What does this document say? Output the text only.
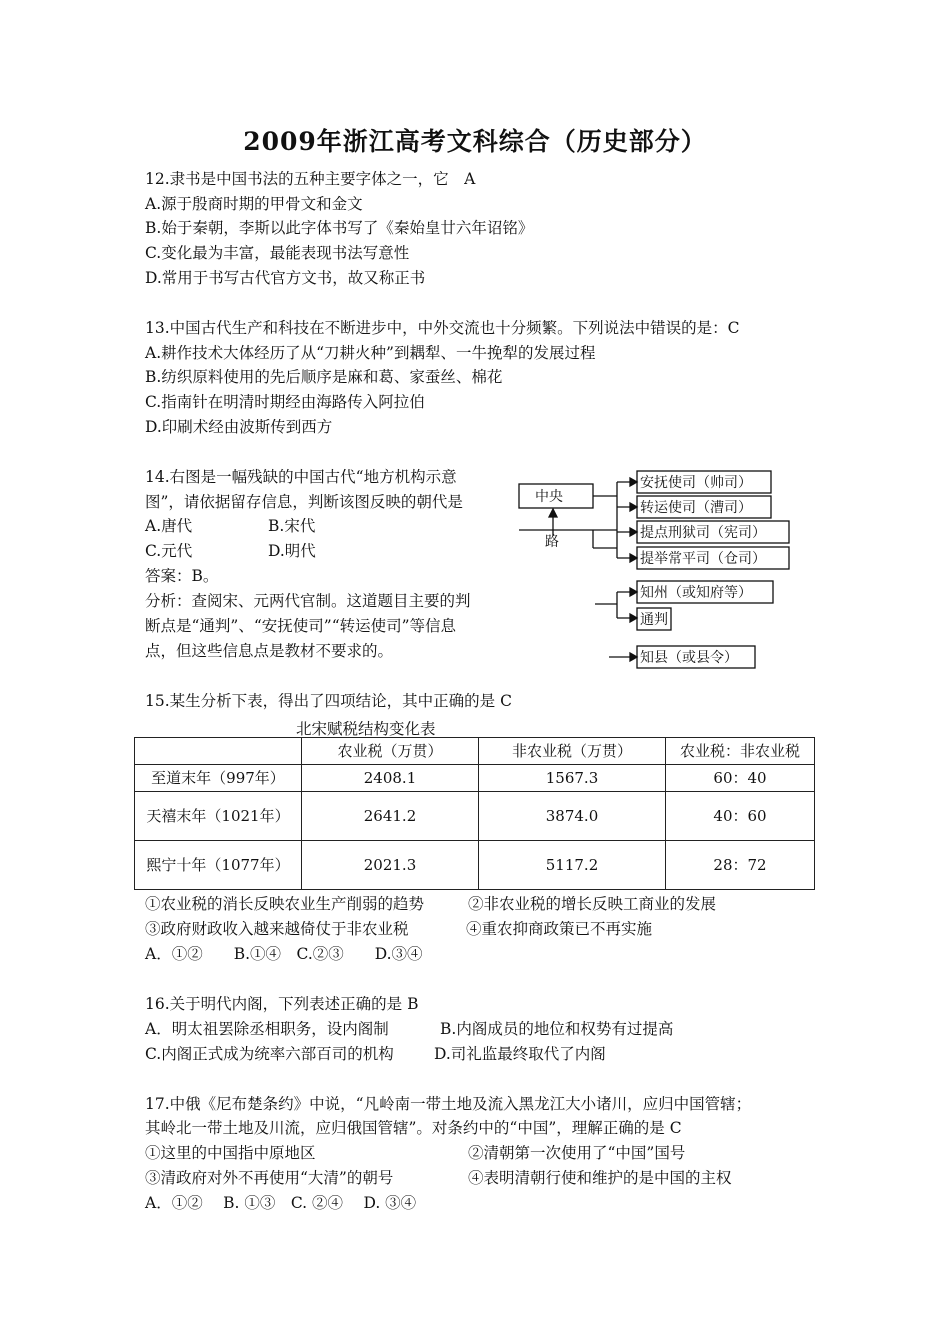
2009年浙江高考文科综合（历史部分）
12.隶书是中国书法的五种主要字体之一，它　A
A.源于殷商时期的甲骨文和金文
B.始于秦朝，李斯以此字体书写了《秦始皇廿六年诏铭》
C.变化最为丰富，最能表现书法写意性
D.常用于书写古代官方文书，故又称正书
13.中国古代生产和科技在不断进步中，中外交流也十分频繁。下列说法中错误的是：C
A.耕作技术大体经历了从“刀耕火种”到耦犁、一牛挽犁的发展过程
B.纺织原料使用的先后顺序是麻和葛、家蚕丝、棉花
C.指南针在明清时期经由海路传入阿拉伯
D.印刷术经由波斯传到西方
14.右图是一幅残缺的中国古代“地方机构示意
图”，请依据留存信息，判断该图反映的朝代是
A.唐代	B.宋代
C.元代	D.明代
答案：B。
分析：查阅宋、元两代官制。这道题目主要的判
断点是“通判”、“安抚使司”“转运使司”等信息
点，但这些信息点是教材不要求的。
中央
路
安抚使司（帅司）
转运使司（漕司）
提点刑狱司（宪司）
提举常平司（仓司）
知州（或知府等）
通判
知县（或县令）
15.某生分析下表，得出了四项结论，其中正确的是 C
北宋赋税结构变化表
	农业税（万贯）	非农业税（万贯）	农业税：非农业税
至道末年（997年）	2408.1	1567.3	60：40
天禧末年（1021年）	2641.2	3874.0	40：60
熙宁十年（1077年）	2021.3	5117.2	28：72
①农业税的消长反映农业生产削弱的趋势	②非农业税的增长反映工商业的发展
③政府财政收入越来越倚仗于非农业税	④重农抑商政策已不再实施
A．①②　　B.①④　C.②③　　D.③④
16.关于明代内阁，下列表述正确的是 B
A．明太祖罢除丞相职务，设内阁制	B.内阁成员的地位和权势有过提高
C.内阁正式成为统率六部百司的机构	D.司礼监最终取代了内阁
17.中俄《尼布楚条约》中说，“凡岭南一带土地及流入黑龙江大小诸川，应归中国管辖；
其岭北一带土地及川流，应归俄国管辖”。对条约中的“中国”，理解正确的是 C
①这里的中国指中原地区	②清朝第一次使用了“中国”国号
③清政府对外不再使用“大清”的朝号	④表明清朝行使和维护的是中国的主权
A．①②　 B. ①③　C. ②④　 D. ③④
